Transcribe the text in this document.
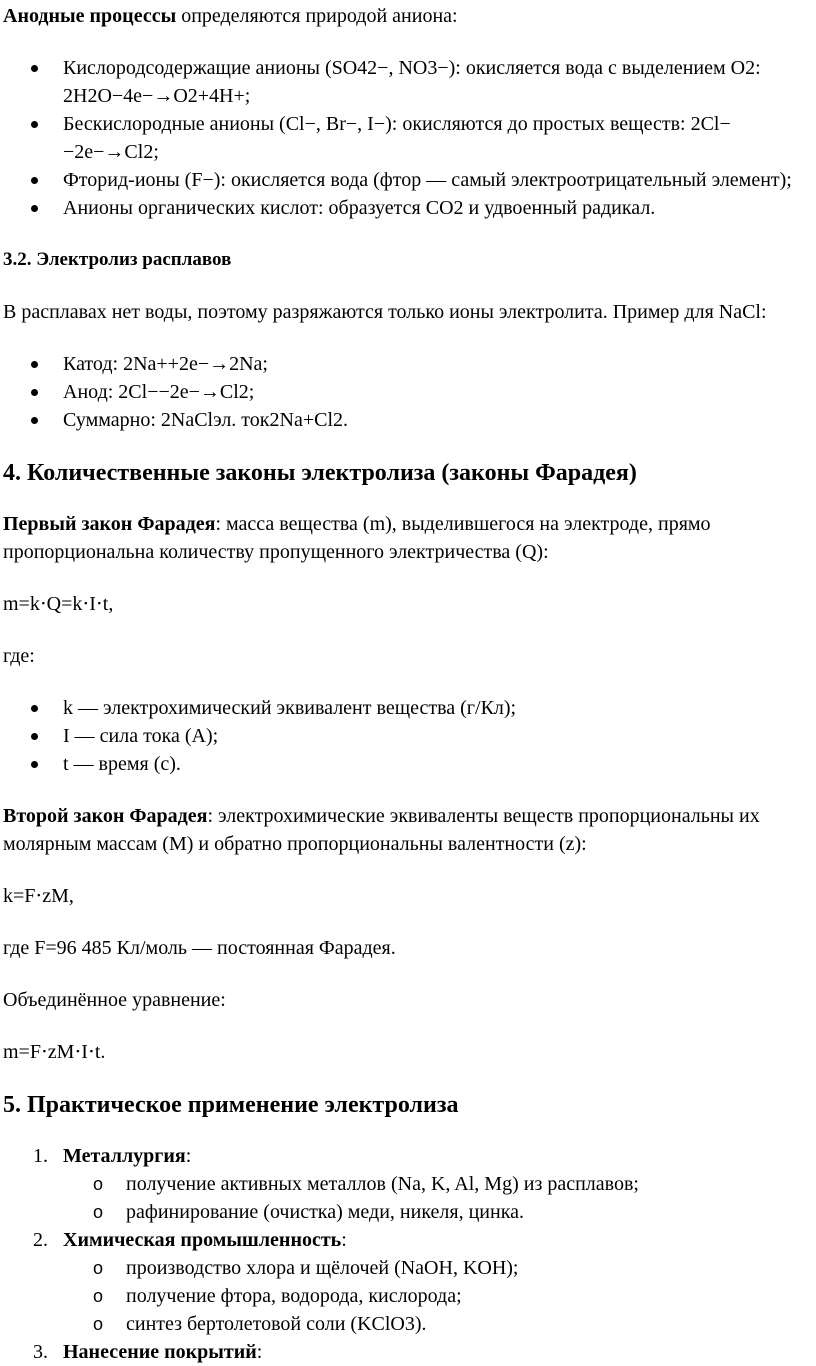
Анодные процессы определяются природой аниона:

Кислородсодержащие анионы (SO42−, NO3−): окисляется вода с выделением O2: 2H2O−4e−→O2+4H+;
Бескислородные анионы (Cl−, Br−, I−): окисляются до простых веществ: 2Cl−−2e−→Cl2;
Фторид-ионы (F−): окисляется вода (фтор — самый электроотрицательный элемент);
Анионы органических кислот: образуется CO2 и удвоенный радикал.

3.2. Электролиз расплавов

В расплавах нет воды, поэтому разряжаются только ионы электролита. Пример для NaCl:

Катод: 2Na++2e−→2Na;
Анод: 2Cl−−2e−→Cl2;
Суммарно: 2NaClэл. ток2Na+Cl2.
4. Количественные законы электролиза (законы Фарадея)

Первый закон Фарадея: масса вещества (m), выделившегося на электроде, прямо пропорциональна количеству пропущенного электричества (Q):

m=k⋅Q=k⋅I⋅t,

где:

k — электрохимический эквивалент вещества (г/Кл);
I — сила тока (A);
t — время (с).

Второй закон Фарадея: электрохимические эквиваленты веществ пропорциональны их молярным массам (M) и обратно пропорциональны валентности (z):

k=F⋅zM,

где F=96 485 Кл/моль — постоянная Фарадея.

Объединённое уравнение:

m=F⋅zM⋅I⋅t.

5. Практическое применение электролиза
1. Металлургия:
o получение активных металлов (Na, K, Al, Mg) из расплавов;
o рафинирование (очистка) меди, никеля, цинка.
2. Химическая промышленность:
o производство хлора и щёлочей (NaOH, KOH);
o получение фтора, водорода, кислорода;
o синтез бертолетовой соли (KClO3).
3. Нанесение покрытий:
